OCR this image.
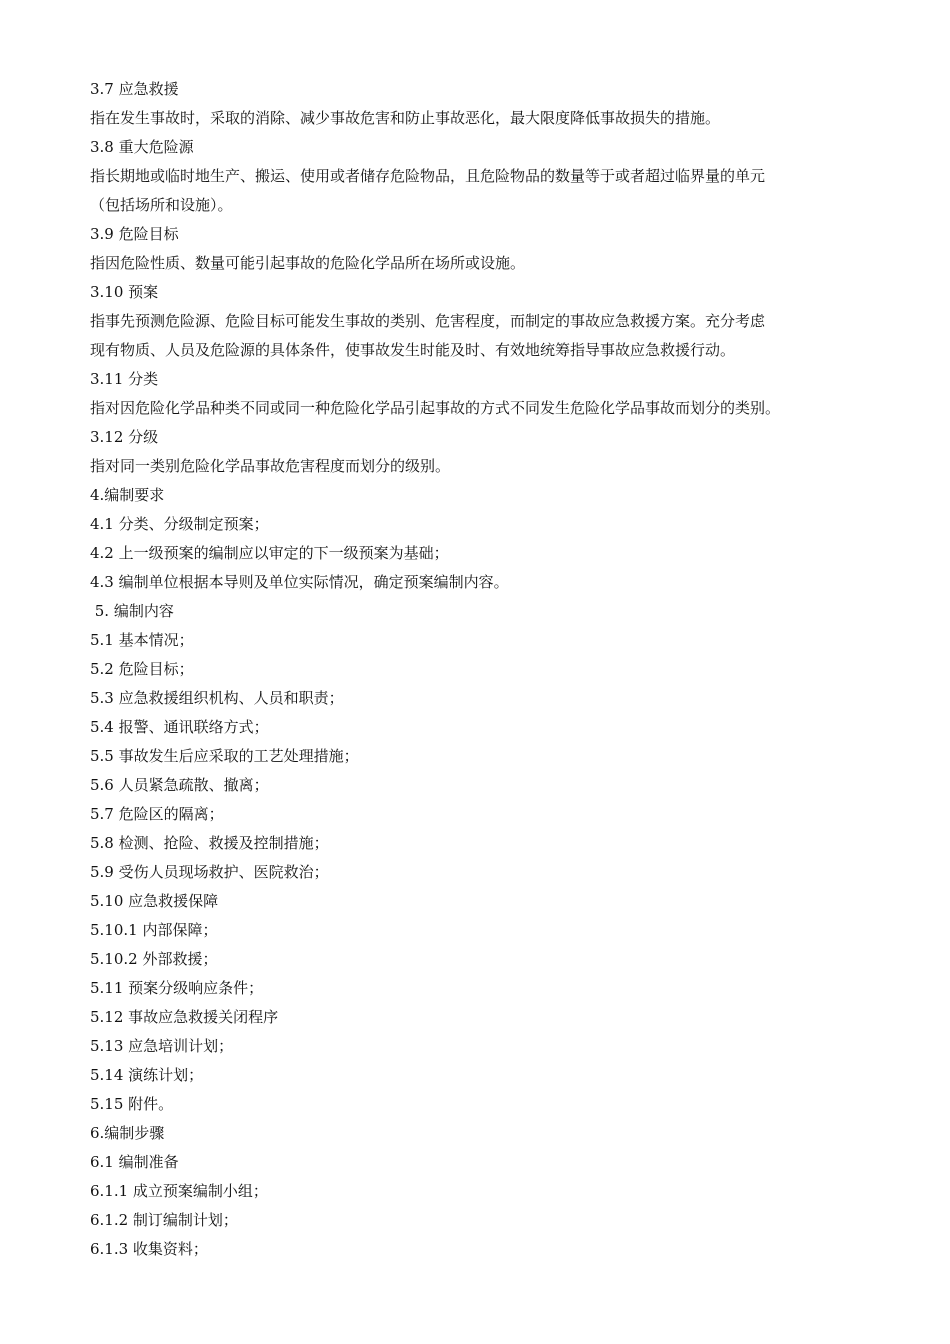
3.7 应急救援
指在发生事故时，采取的消除、减少事故危害和防止事故恶化，最大限度降低事故损失的措施。
3.8 重大危险源
指长期地或临时地生产、搬运、使用或者储存危险物品，且危险物品的数量等于或者超过临界量的单元
（包括场所和设施）。
3.9 危险目标
指因危险性质、数量可能引起事故的危险化学品所在场所或设施。
3.10 预案
指事先预测危险源、危险目标可能发生事故的类别、危害程度，而制定的事故应急救援方案。充分考虑
现有物质、人员及危险源的具体条件，使事故发生时能及时、有效地统筹指导事故应急救援行动。
3.11 分类
指对因危险化学品种类不同或同一种危险化学品引起事故的方式不同发生危险化学品事故而划分的类别。
3.12 分级
指对同一类别危险化学品事故危害程度而划分的级别。
4.编制要求
4.1 分类、分级制定预案；
4.2 上一级预案的编制应以审定的下一级预案为基础；
4.3 编制单位根据本导则及单位实际情况，确定预案编制内容。
5. 编制内容
5.1 基本情况；
5.2 危险目标；
5.3 应急救援组织机构、人员和职责；
5.4 报警、通讯联络方式；
5.5 事故发生后应采取的工艺处理措施；
5.6 人员紧急疏散、撤离；
5.7 危险区的隔离；
5.8 检测、抢险、救援及控制措施；
5.9 受伤人员现场救护、医院救治；
5.10 应急救援保障
5.10.1 内部保障；
5.10.2 外部救援；
5.11 预案分级响应条件；
5.12 事故应急救援关闭程序
5.13 应急培训计划；
5.14 演练计划；
5.15 附件。
6.编制步骤
6.1 编制准备
6.1.1 成立预案编制小组；
6.1.2 制订编制计划；
6.1.3 收集资料；
